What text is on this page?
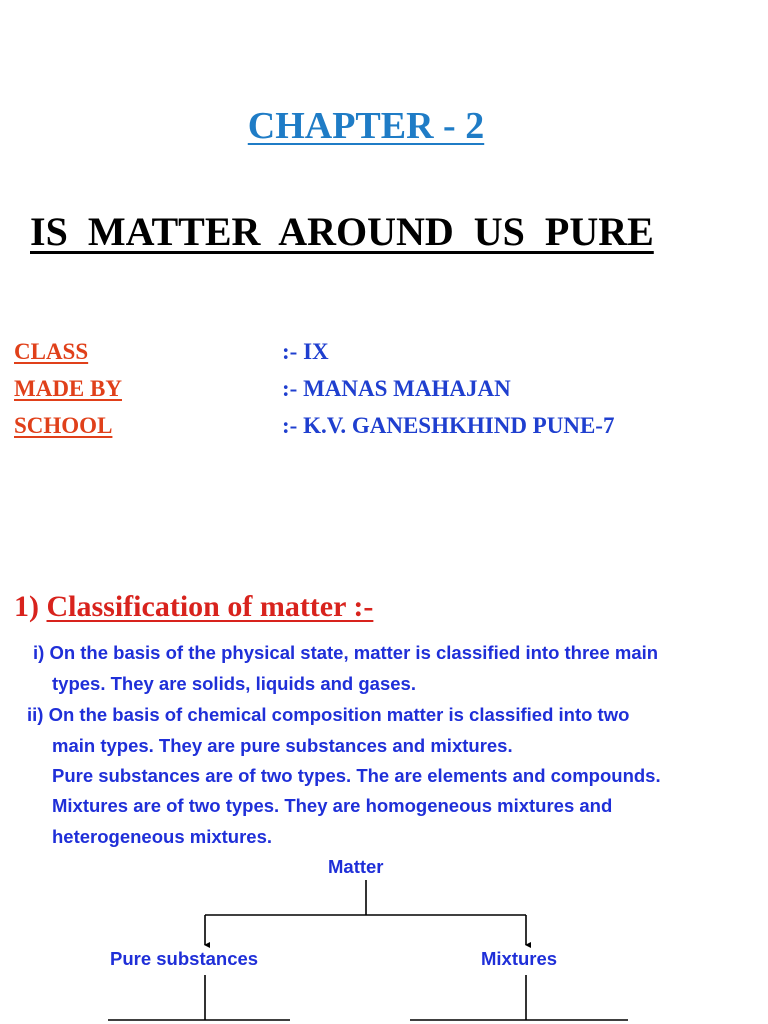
CHAPTER - 2
IS  MATTER  AROUND  US  PURE
CLASS	:- IX
MADE BY	:- MANAS MAHAJAN
SCHOOL	:- K.V. GANESHKHIND PUNE-7
1) Classification of matter :-
i) On the basis of the physical state, matter is classified into three main
types. They are solids, liquids and gases.
ii) On the basis of chemical composition matter is classified into two
main types. They are pure substances and mixtures.
Pure substances are of two types. The are elements and compounds.
Mixtures are of two types. They are homogeneous mixtures and
heterogeneous mixtures.
Matter
Pure substances	Mixtures
